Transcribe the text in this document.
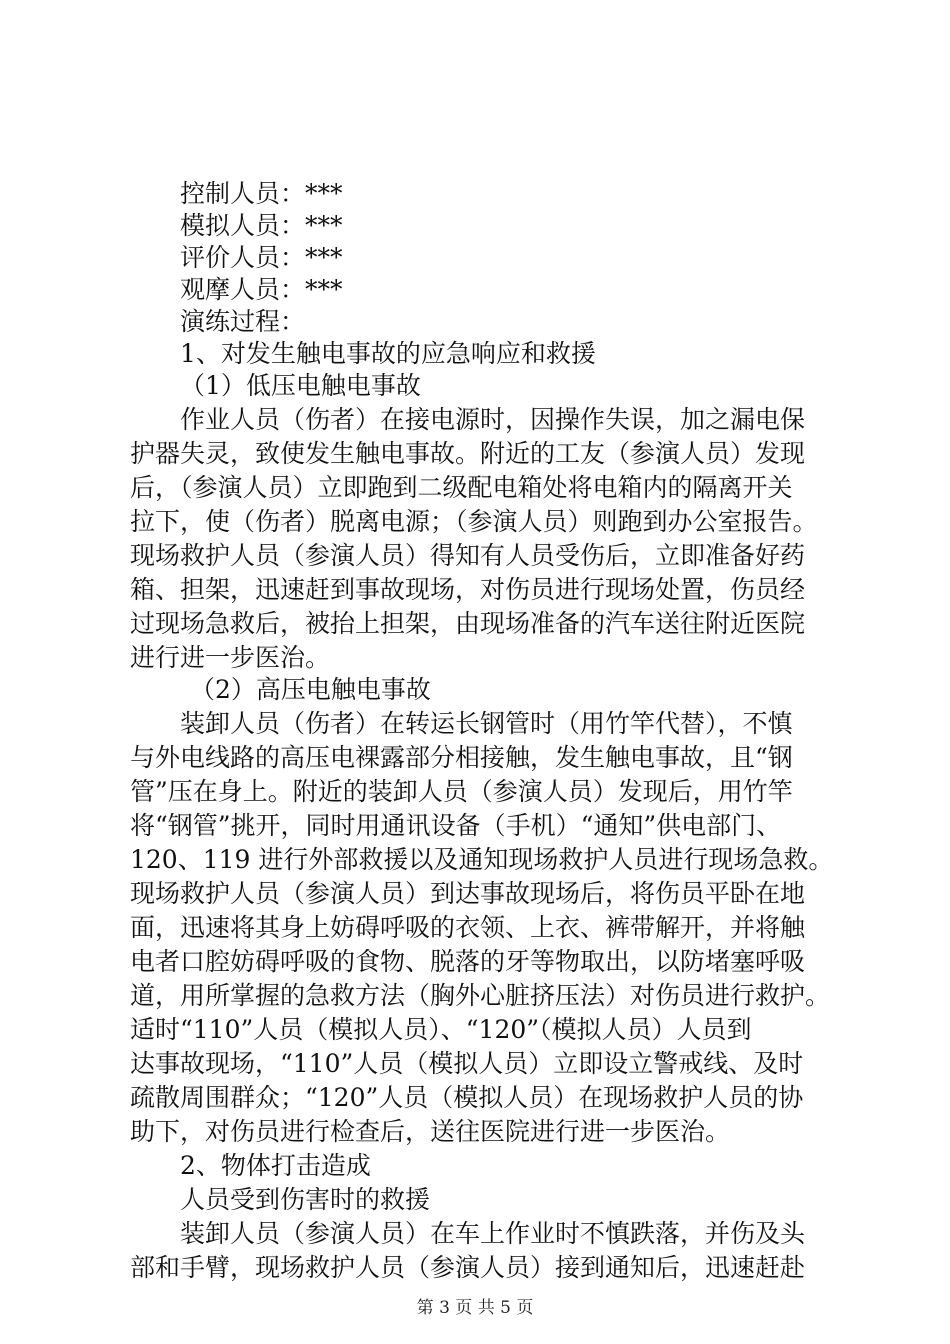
控制人员：***
模拟人员：***
评价人员：***
观摩人员：***
演练过程：
1、对发生触电事故的应急响应和救援
（1）低压电触电事故
作业人员（伤者）在接电源时，因操作失误，加之漏电保
护器失灵，致使发生触电事故。附近的工友（参演人员）发现
后，（参演人员）立即跑到二级配电箱处将电箱内的隔离开关
拉下，使（伤者）脱离电源；（参演人员）则跑到办公室报告。
现场救护人员（参演人员）得知有人员受伤后，立即准备好药
箱、担架，迅速赶到事故现场，对伤员进行现场处置，伤员经
过现场急救后，被抬上担架，由现场准备的汽车送往附近医院
进行进一步医治。
（2）高压电触电事故
装卸人员（伤者）在转运长钢管时（用竹竿代替），不慎
与外电线路的高压电裸露部分相接触，发生触电事故，且“钢
管”压在身上。附近的装卸人员（参演人员）发现后，用竹竿
将“钢管”挑开，同时用通讯设备（手机）“通知”供电部门、
120、119 进行外部救援以及通知现场救护人员进行现场急救。
现场救护人员（参演人员）到达事故现场后，将伤员平卧在地
面，迅速将其身上妨碍呼吸的衣领、上衣、裤带解开，并将触
电者口腔妨碍呼吸的食物、脱落的牙等物取出，以防堵塞呼吸
道，用所掌握的急救方法（胸外心脏挤压法）对伤员进行救护。
适时“110”人员（模拟人员）、“120”（模拟人员）人员到
达事故现场，“110”人员（模拟人员）立即设立警戒线、及时
疏散周围群众；“120”人员（模拟人员）在现场救护人员的协
助下，对伤员进行检查后，送往医院进行进一步医治。
2、物体打击造成
人员受到伤害时的救援
装卸人员（参演人员）在车上作业时不慎跌落，并伤及头
部和手臂，现场救护人员（参演人员）接到通知后，迅速赶赴
第 3 页 共 5 页
